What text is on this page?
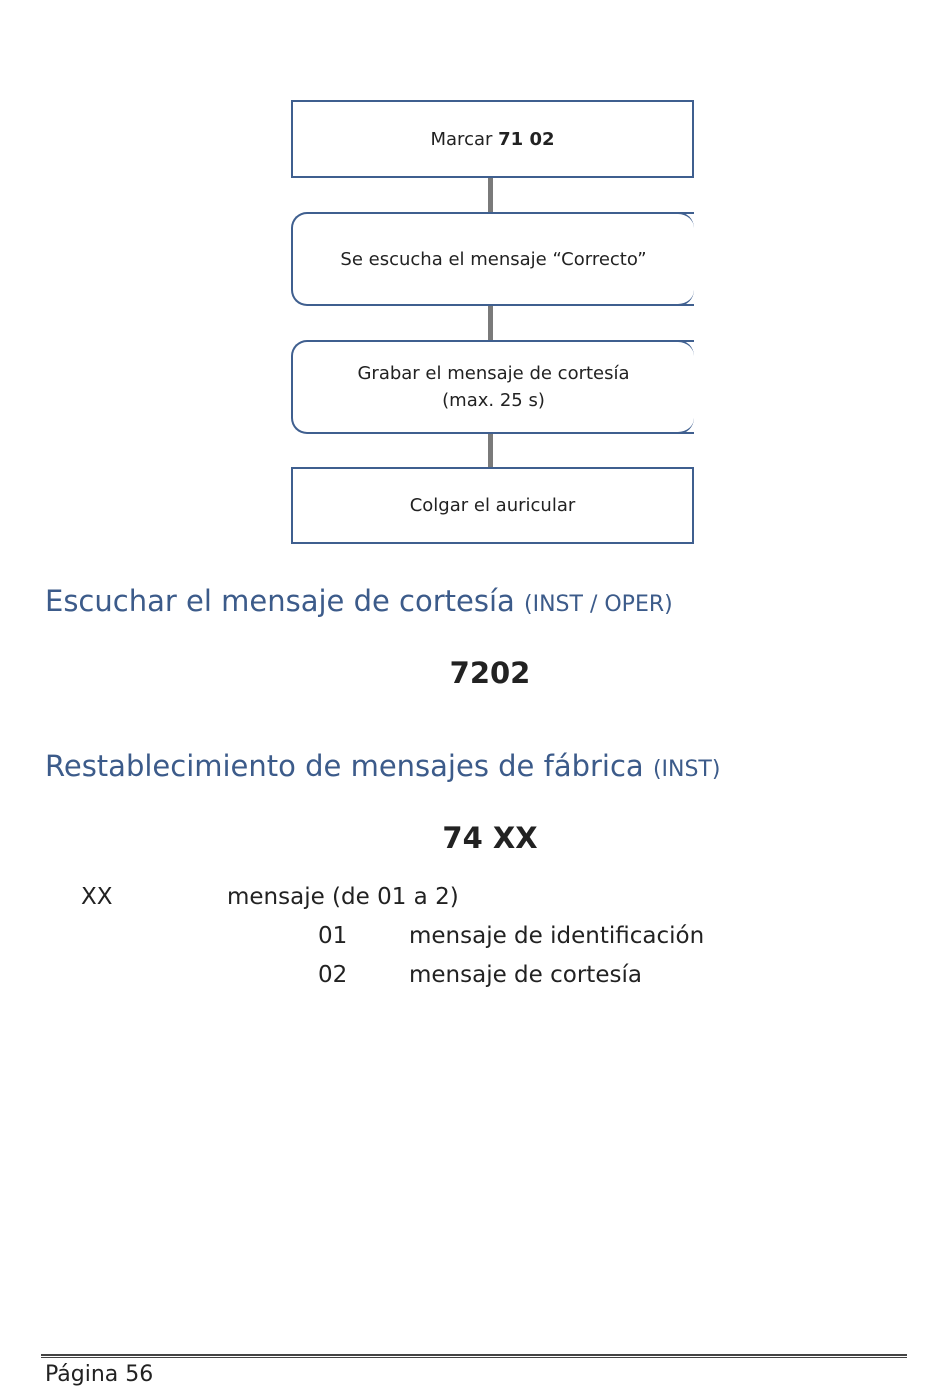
Marcar 71 02
Se escucha el mensaje “Correcto”
Grabar el mensaje de cortesía
(max. 25 s)
Colgar el auricular
Escuchar el mensaje de cortesía (INST / OPER)
7202
Restablecimiento de mensajes de fábrica (INST)
74 XX
XX	mensaje (de 01 a 2)
01	mensaje de identificación
02	mensaje de cortesía
Página 56
